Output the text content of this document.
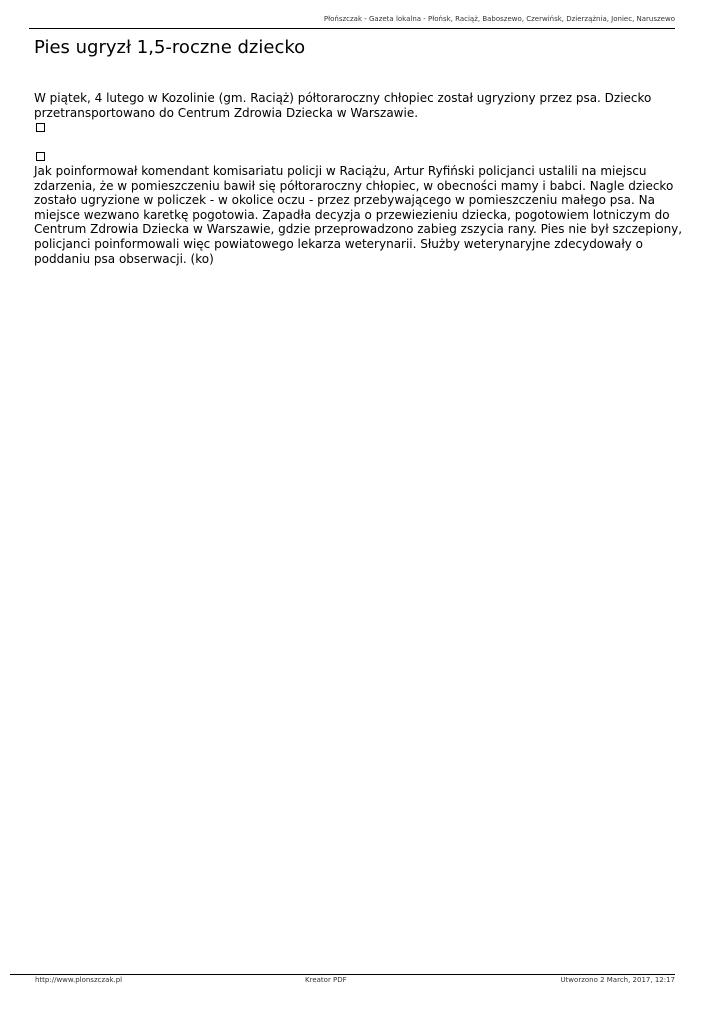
Płońszczak - Gazeta lokalna - Płońsk, Raciąż, Baboszewo, Czerwińsk, Dzierzążnia, Joniec, Naruszewo
Pies ugryzł 1,5-roczne dziecko

W piątek, 4 lutego w Kozolinie (gm. Raciąż) półtoraroczny chłopiec został ugryziony przez psa. Dziecko przetransportowano do Centrum Zdrowia Dziecka w Warszawie.

Jak poinformował komendant komisariatu policji w Raciążu, Artur Ryfiński policjanci ustalili na miejscu zdarzenia, że w pomieszczeniu bawił się półtoraroczny chłopiec, w obecności mamy i babci. Nagle dziecko zostało ugryzione w policzek - w okolice oczu - przez przebywającego w pomieszczeniu małego psa. Na miejsce wezwano karetkę pogotowia. Zapadła decyzja o przewiezieniu dziecka, pogotowiem lotniczym do Centrum Zdrowia Dziecka w Warszawie, gdzie przeprowadzono zabieg zszycia rany. Pies nie był szczepiony, policjanci poinformowali więc powiatowego lekarza weterynarii. Służby weterynaryjne zdecydowały o poddaniu psa obserwacji. (ko)

http://www.plonszczak.pl	Kreator PDF	Utworzono 2 March, 2017, 12:17
